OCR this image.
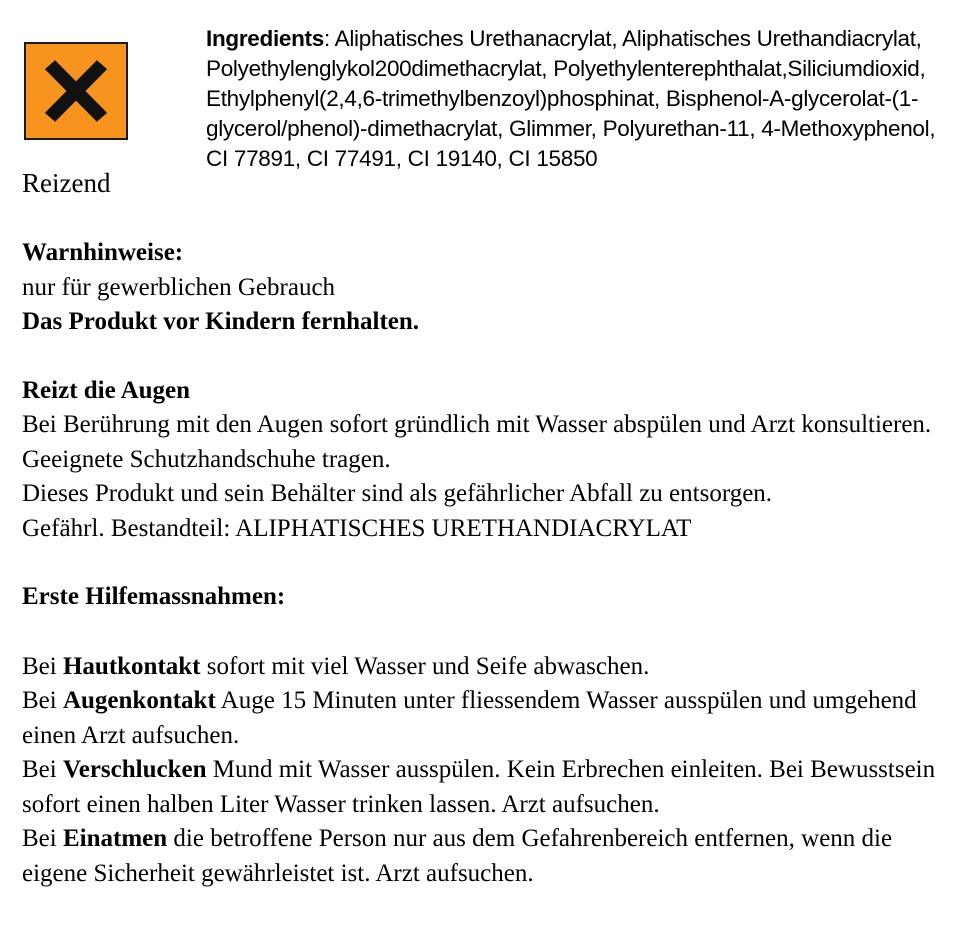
Reizend
Ingredients: Aliphatisches Urethanacrylat, Aliphatisches Urethandiacrylat, Polyethylenglykol200dimethacrylat, Polyethylenterephthalat,Siliciumdioxid, Ethylphenyl(2,4,6-trimethylbenzoyl)phosphinat, Bisphenol-A-glycerolat-(1-glycerol/phenol)-dimethacrylat, Glimmer, Polyurethan-11, 4-Methoxyphenol, CI 77891, CI 77491, CI 19140, CI 15850

Warnhinweise:

nur für gewerblichen Gebrauch

Das Produkt vor Kindern fernhalten.

Reizt die Augen

Bei Berührung mit den Augen sofort gründlich mit Wasser abspülen und Arzt konsultieren.

Geeignete Schutzhandschuhe tragen.

Dieses Produkt und sein Behälter sind als gefährlicher Abfall zu entsorgen.

Gefährl. Bestandteil: ALIPHATISCHES URETHANDIACRYLAT

Erste Hilfemassnahmen:

Bei Hautkontakt sofort mit viel Wasser und Seife abwaschen.

Bei Augenkontakt Auge 15 Minuten unter fliessendem Wasser ausspülen und umgehend einen Arzt aufsuchen.

Bei Verschlucken Mund mit Wasser ausspülen. Kein Erbrechen einleiten. Bei Bewusstsein sofort einen halben Liter Wasser trinken lassen. Arzt aufsuchen.

Bei Einatmen die betroffene Person nur aus dem Gefahrenbereich entfernen, wenn die eigene Sicherheit gewährleistet ist. Arzt aufsuchen.
